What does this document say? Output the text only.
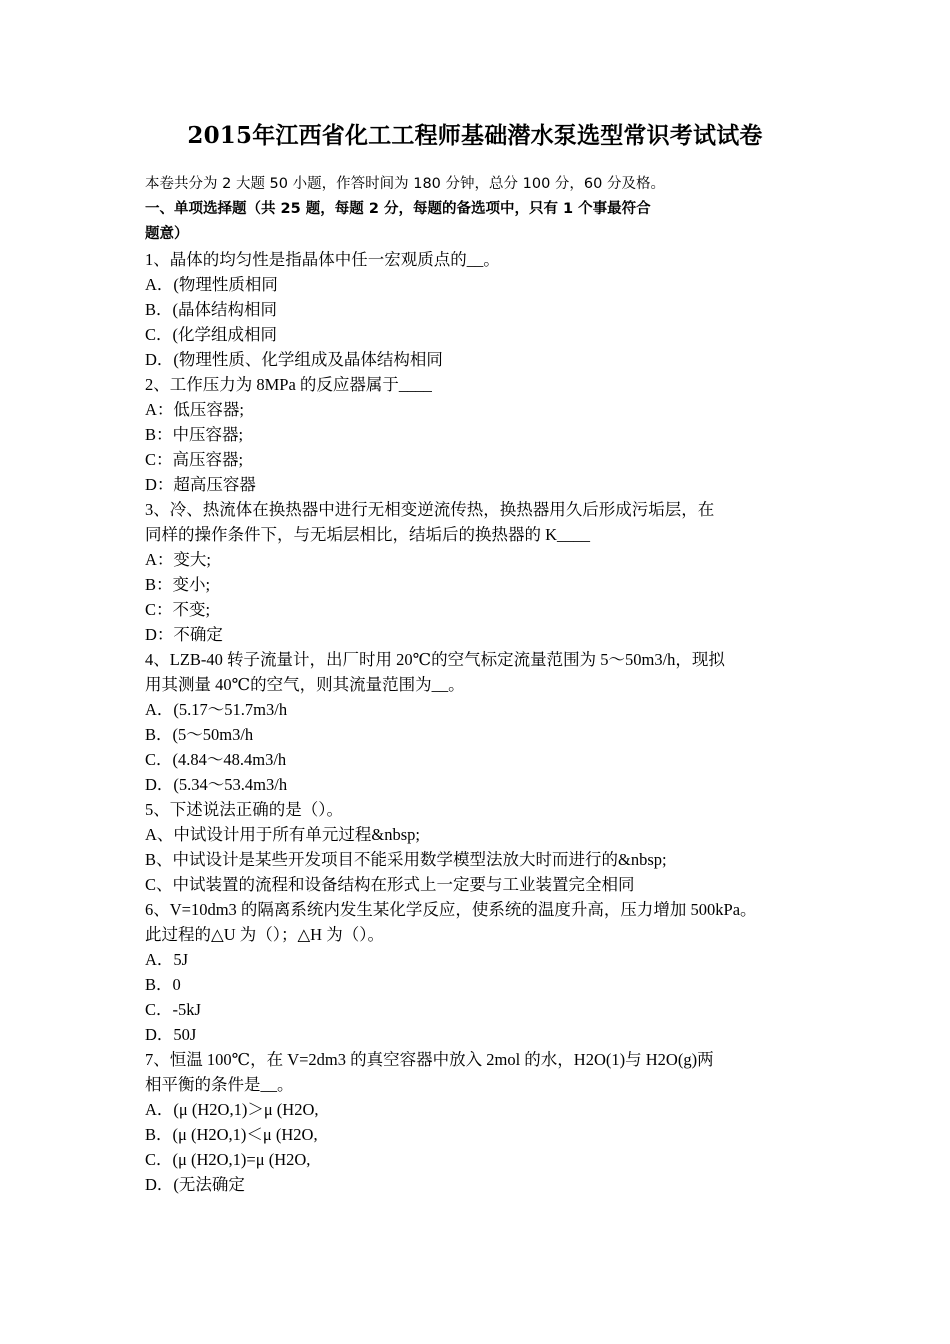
2015年江西省化工工程师基础潜水泵选型常识考试试卷
本卷共分为 2 大题 50 小题，作答时间为 180 分钟，总分 100 分，60 分及格。
一、单项选择题（共 25 题，每题 2 分，每题的备选项中，只有 1 个事最符合
题意）
1、晶体的均匀性是指晶体中任一宏观质点的__。
A．(物理性质相同
B．(晶体结构相同
C．(化学组成相同
D．(物理性质、化学组成及晶体结构相同
2、工作压力为 8MPa 的反应器属于____
A：低压容器;
B：中压容器;
C：高压容器;
D：超高压容器
3、冷、热流体在换热器中进行无相变逆流传热，换热器用久后形成污垢层，在
同样的操作条件下，与无垢层相比，结垢后的换热器的 K____
A：变大;
B：变小;
C：不变;
D：不确定
4、LZB-40 转子流量计，出厂时用 20℃的空气标定流量范围为 5～50m3/h，现拟
用其测量 40℃的空气，则其流量范围为__。
A．(5.17～51.7m3/h
B．(5～50m3/h
C．(4.84～48.4m3/h
D．(5.34～53.4m3/h
5、下述说法正确的是（）。
A、中试设计用于所有单元过程&nbsp;
B、中试设计是某些开发项目不能采用数学模型法放大时而进行的&nbsp;
C、中试装置的流程和设备结构在形式上一定要与工业装置完全相同
6、V=10dm3 的隔离系统内发生某化学反应，使系统的温度升高，压力增加 500kPa。
此过程的△U 为（）；△H 为（）。
A．5J
B．0
C．-5kJ
D．50J
7、恒温 100℃，在 V=2dm3 的真空容器中放入 2mol 的水，H2O(1)与 H2O(g)两
相平衡的条件是__。
A．(μ (H2O,1)＞μ (H2O,
B．(μ (H2O,1)＜μ (H2O,
C．(μ (H2O,1)=μ (H2O,
D．(无法确定
